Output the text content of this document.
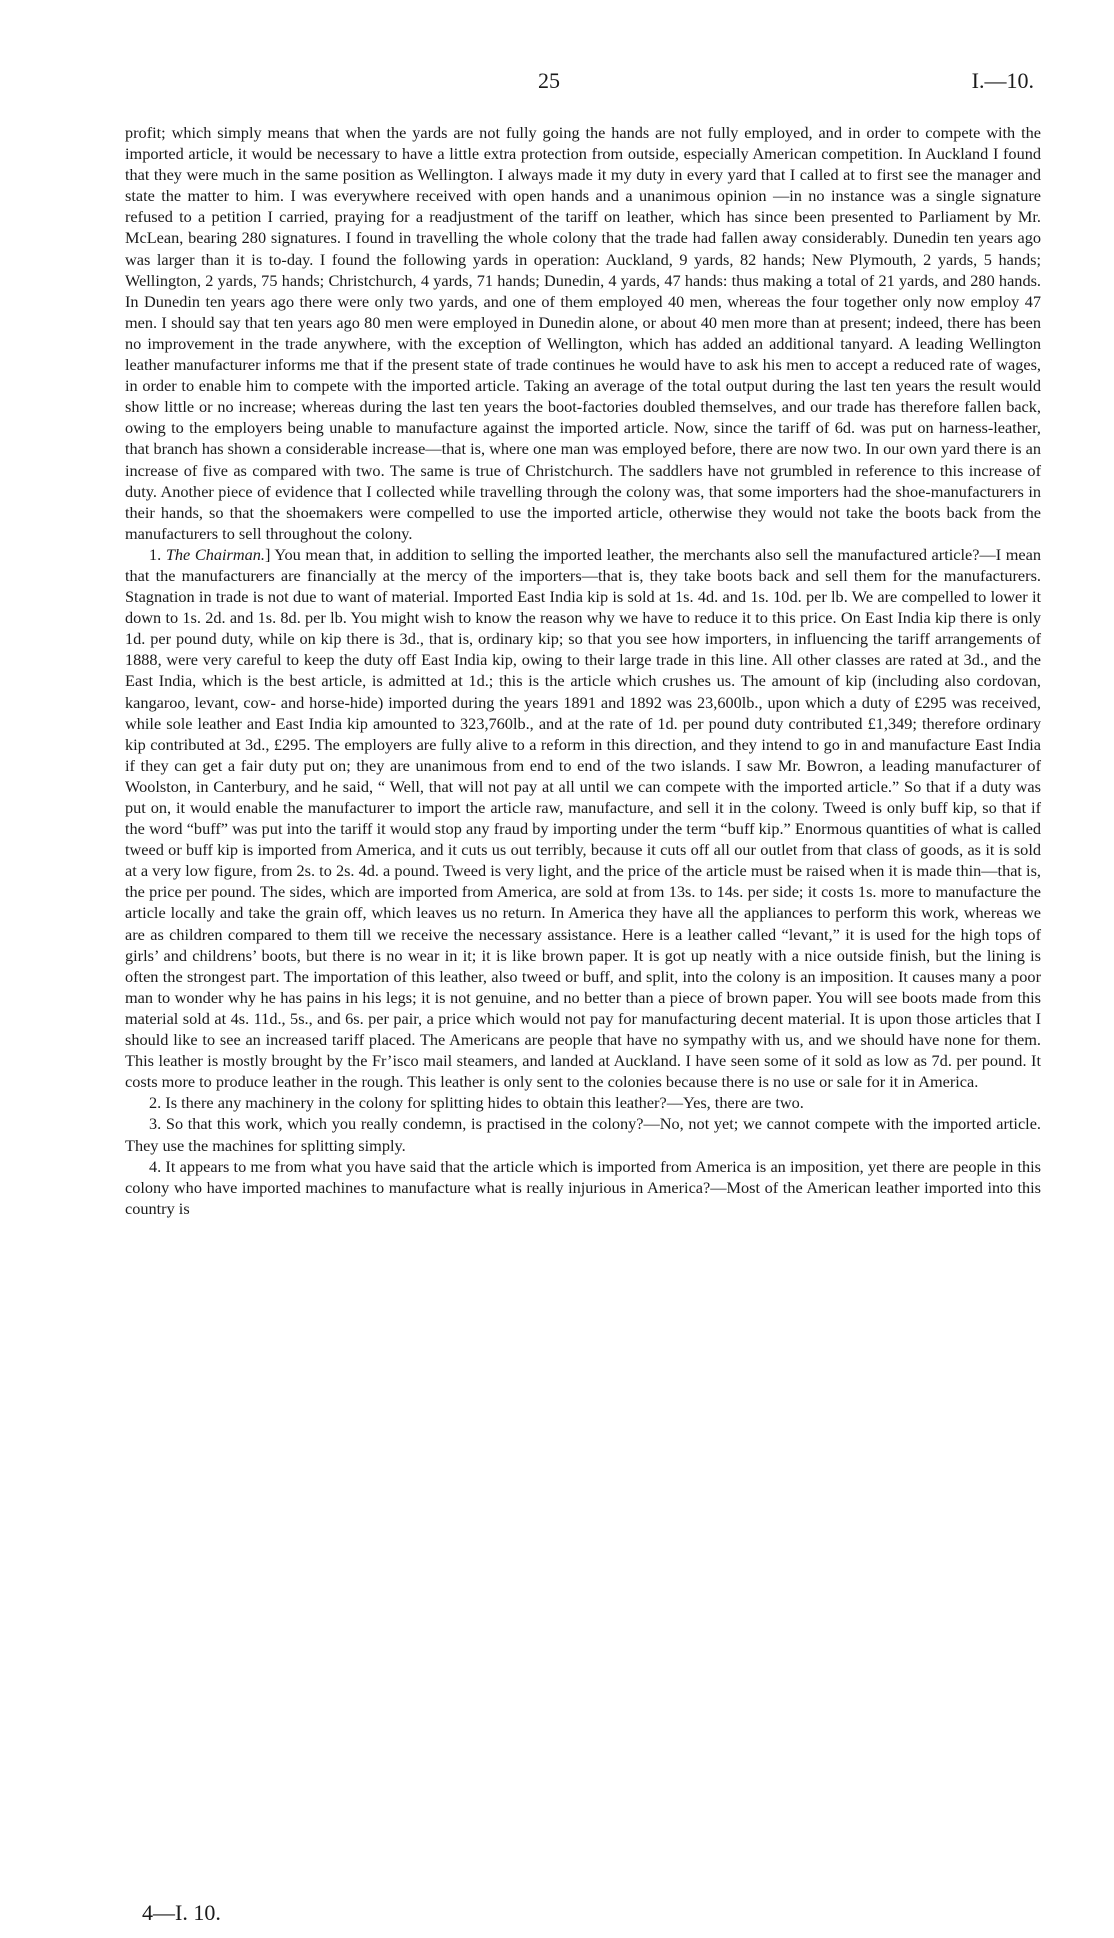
25	I.—10.

profit; which simply means that when the yards are not fully going the hands are not fully employed, and in order to compete with the imported article, it would be necessary to have a little extra protection from outside, especially American competition. In Auckland I found that they were much in the same position as Wellington. I always made it my duty in every yard that I called at to first see the manager and state the matter to him. I was everywhere received with open hands and a unanimous opinion —in no instance was a single signature refused to a petition I carried, praying for a readjustment of the tariff on leather, which has since been presented to Parliament by Mr. McLean, bearing 280 signatures. I found in travelling the whole colony that the trade had fallen away considerably. Dunedin ten years ago was larger than it is to-day. I found the following yards in operation: Auckland, 9 yards, 82 hands; New Plymouth, 2 yards, 5 hands; Wellington, 2 yards, 75 hands; Christchurch, 4 yards, 71 hands; Dunedin, 4 yards, 47 hands: thus making a total of 21 yards, and 280 hands. In Dunedin ten years ago there were only two yards, and one of them employed 40 men, whereas the four together only now employ 47 men. I should say that ten years ago 80 men were employed in Dunedin alone, or about 40 men more than at present; indeed, there has been no improvement in the trade anywhere, with the exception of Wellington, which has added an additional tanyard. A leading Wellington leather manufacturer informs me that if the present state of trade continues he would have to ask his men to accept a reduced rate of wages, in order to enable him to compete with the imported article. Taking an average of the total output during the last ten years the result would show little or no increase; whereas during the last ten years the boot-factories doubled themselves, and our trade has therefore fallen back, owing to the employers being unable to manufacture against the imported article. Now, since the tariff of 6d. was put on harness-leather, that branch has shown a considerable increase—that is, where one man was employed before, there are now two. In our own yard there is an increase of five as compared with two. The same is true of Christchurch. The saddlers have not grumbled in reference to this increase of duty. Another piece of evidence that I collected while travelling through the colony was, that some importers had the shoe-manufacturers in their hands, so that the shoemakers were compelled to use the imported article, otherwise they would not take the boots back from the manufacturers to sell throughout the colony.

1. The Chairman.] You mean that, in addition to selling the imported leather, the merchants also sell the manufactured article?—I mean that the manufacturers are financially at the mercy of the importers—that is, they take boots back and sell them for the manufacturers. Stagnation in trade is not due to want of material. Imported East India kip is sold at 1s. 4d. and 1s. 10d. per lb. We are compelled to lower it down to 1s. 2d. and 1s. 8d. per lb. You might wish to know the reason why we have to reduce it to this price. On East India kip there is only 1d. per pound duty, while on kip there is 3d., that is, ordinary kip; so that you see how importers, in influencing the tariff arrangements of 1888, were very careful to keep the duty off East India kip, owing to their large trade in this line. All other classes are rated at 3d., and the East India, which is the best article, is admitted at 1d.; this is the article which crushes us. The amount of kip (including also cordovan, kangaroo, levant, cow- and horse-hide) imported during the years 1891 and 1892 was 23,600lb., upon which a duty of £295 was received, while sole leather and East India kip amounted to 323,760lb., and at the rate of 1d. per pound duty contributed £1,349; therefore ordinary kip contributed at 3d., £295. The employers are fully alive to a reform in this direction, and they intend to go in and manufacture East India if they can get a fair duty put on; they are unanimous from end to end of the two islands. I saw Mr. Bowron, a leading manufacturer of Woolston, in Canterbury, and he said, “ Well, that will not pay at all until we can compete with the imported article.” So that if a duty was put on, it would enable the manufacturer to import the article raw, manufacture, and sell it in the colony. Tweed is only buff kip, so that if the word “buff” was put into the tariff it would stop any fraud by importing under the term “buff kip.” Enormous quantities of what is called tweed or buff kip is imported from America, and it cuts us out terribly, because it cuts off all our outlet from that class of goods, as it is sold at a very low figure, from 2s. to 2s. 4d. a pound. Tweed is very light, and the price of the article must be raised when it is made thin—that is, the price per pound. The sides, which are imported from America, are sold at from 13s. to 14s. per side; it costs 1s. more to manufacture the article locally and take the grain off, which leaves us no return. In America they have all the appliances to perform this work, whereas we are as children compared to them till we receive the necessary assistance. Here is a leather called “levant,” it is used for the high tops of girls’ and childrens’ boots, but there is no wear in it; it is like brown paper. It is got up neatly with a nice outside finish, but the lining is often the strongest part. The importation of this leather, also tweed or buff, and split, into the colony is an imposition. It causes many a poor man to wonder why he has pains in his legs; it is not genuine, and no better than a piece of brown paper. You will see boots made from this material sold at 4s. 11d., 5s., and 6s. per pair, a price which would not pay for manufacturing decent material. It is upon those articles that I should like to see an increased tariff placed. The Americans are people that have no sympathy with us, and we should have none for them. This leather is mostly brought by the Fr’isco mail steamers, and landed at Auckland. I have seen some of it sold as low as 7d. per pound. It costs more to produce leather in the rough. This leather is only sent to the colonies because there is no use or sale for it in America.

2. Is there any machinery in the colony for splitting hides to obtain this leather?—Yes, there are two.

3. So that this work, which you really condemn, is practised in the colony?—No, not yet; we cannot compete with the imported article. They use the machines for splitting simply.

4. It appears to me from what you have said that the article which is imported from America is an imposition, yet there are people in this colony who have imported machines to manufacture what is really injurious in America?—Most of the American leather imported into this country is

4—I. 10.
